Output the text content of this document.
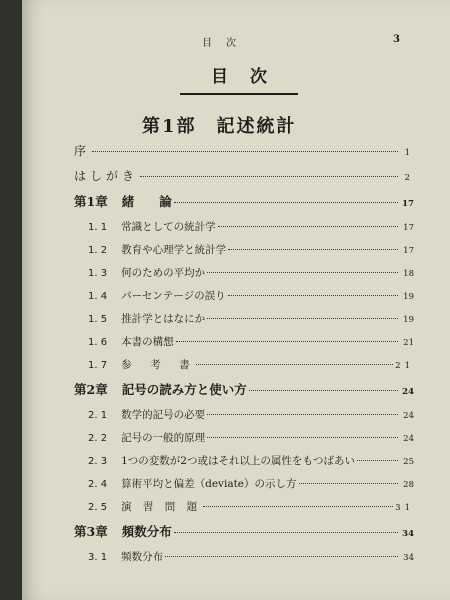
目　次	3
目次
第1部　記述統計
序	1
はしがき	2
第1章 緒　　論	17
1. 1 常識としての統計学	17
1. 2 教育や心理学と統計学	17
1. 3 何のための平均か	18
1. 4 パーセンテージの誤り	19
1. 5 推計学とはなにか	19
1. 6 本書の構想	21
1. 7 参　考　書	21
第2章 記号の読み方と使い方	24
2. 1 数学的記号の必要	24
2. 2 記号の一般的原理	24
2. 3 1つの変数が2つ或はそれ以上の属性をもつばあい	25
2. 4 算術平均と偏差（deviate）の示し方	28
2. 5 演 習 問 題	31
第3章 頻数分布	34
3. 1 頻数分布	34
